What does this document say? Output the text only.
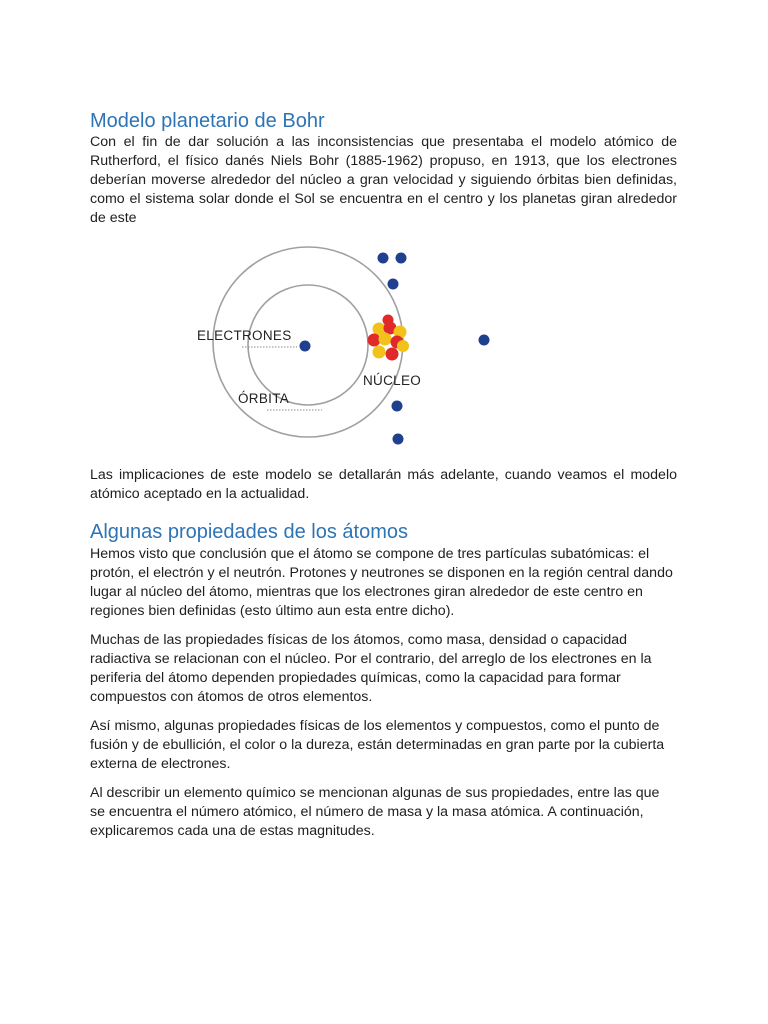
Modelo planetario de Bohr

Con el fin de dar solución a las inconsistencias que presentaba el modelo atómico de Rutherford, el físico danés Niels Bohr (1885-1962) propuso, en 1913, que los electrones deberían moverse alrededor del núcleo a gran velocidad y siguiendo órbitas bien definidas, como el sistema solar donde el Sol se encuentra en el centro y los planetas giran alrededor de este

ELECTRONES
ÓRBITA
NÚCLEO

Las implicaciones de este modelo se detallarán más adelante, cuando veamos el modelo atómico aceptado en la actualidad.

Algunas propiedades de los átomos

Hemos visto que conclusión que el átomo se compone de tres partículas subatómicas: el protón, el electrón y el neutrón. Protones y neutrones se disponen en la región central dando lugar al núcleo del átomo, mientras que los electrones giran alrededor de este centro en regiones bien definidas (esto último aun esta entre dicho).

Muchas de las propiedades físicas de los átomos, como masa, densidad o capacidad radiactiva se relacionan con el núcleo. Por el contrario, del arreglo de los electrones en la periferia del átomo dependen propiedades químicas, como la capacidad para formar compuestos con átomos de otros elementos.

Así mismo, algunas propiedades físicas de los elementos y compuestos, como el punto de fusión y de ebullición, el color o la dureza, están determinadas en gran parte por la cubierta externa de electrones.

Al describir un elemento químico se mencionan algunas de sus propiedades, entre las que se encuentra el número atómico, el número de masa y la masa atómica. A continuación, explicaremos cada una de estas magnitudes.
